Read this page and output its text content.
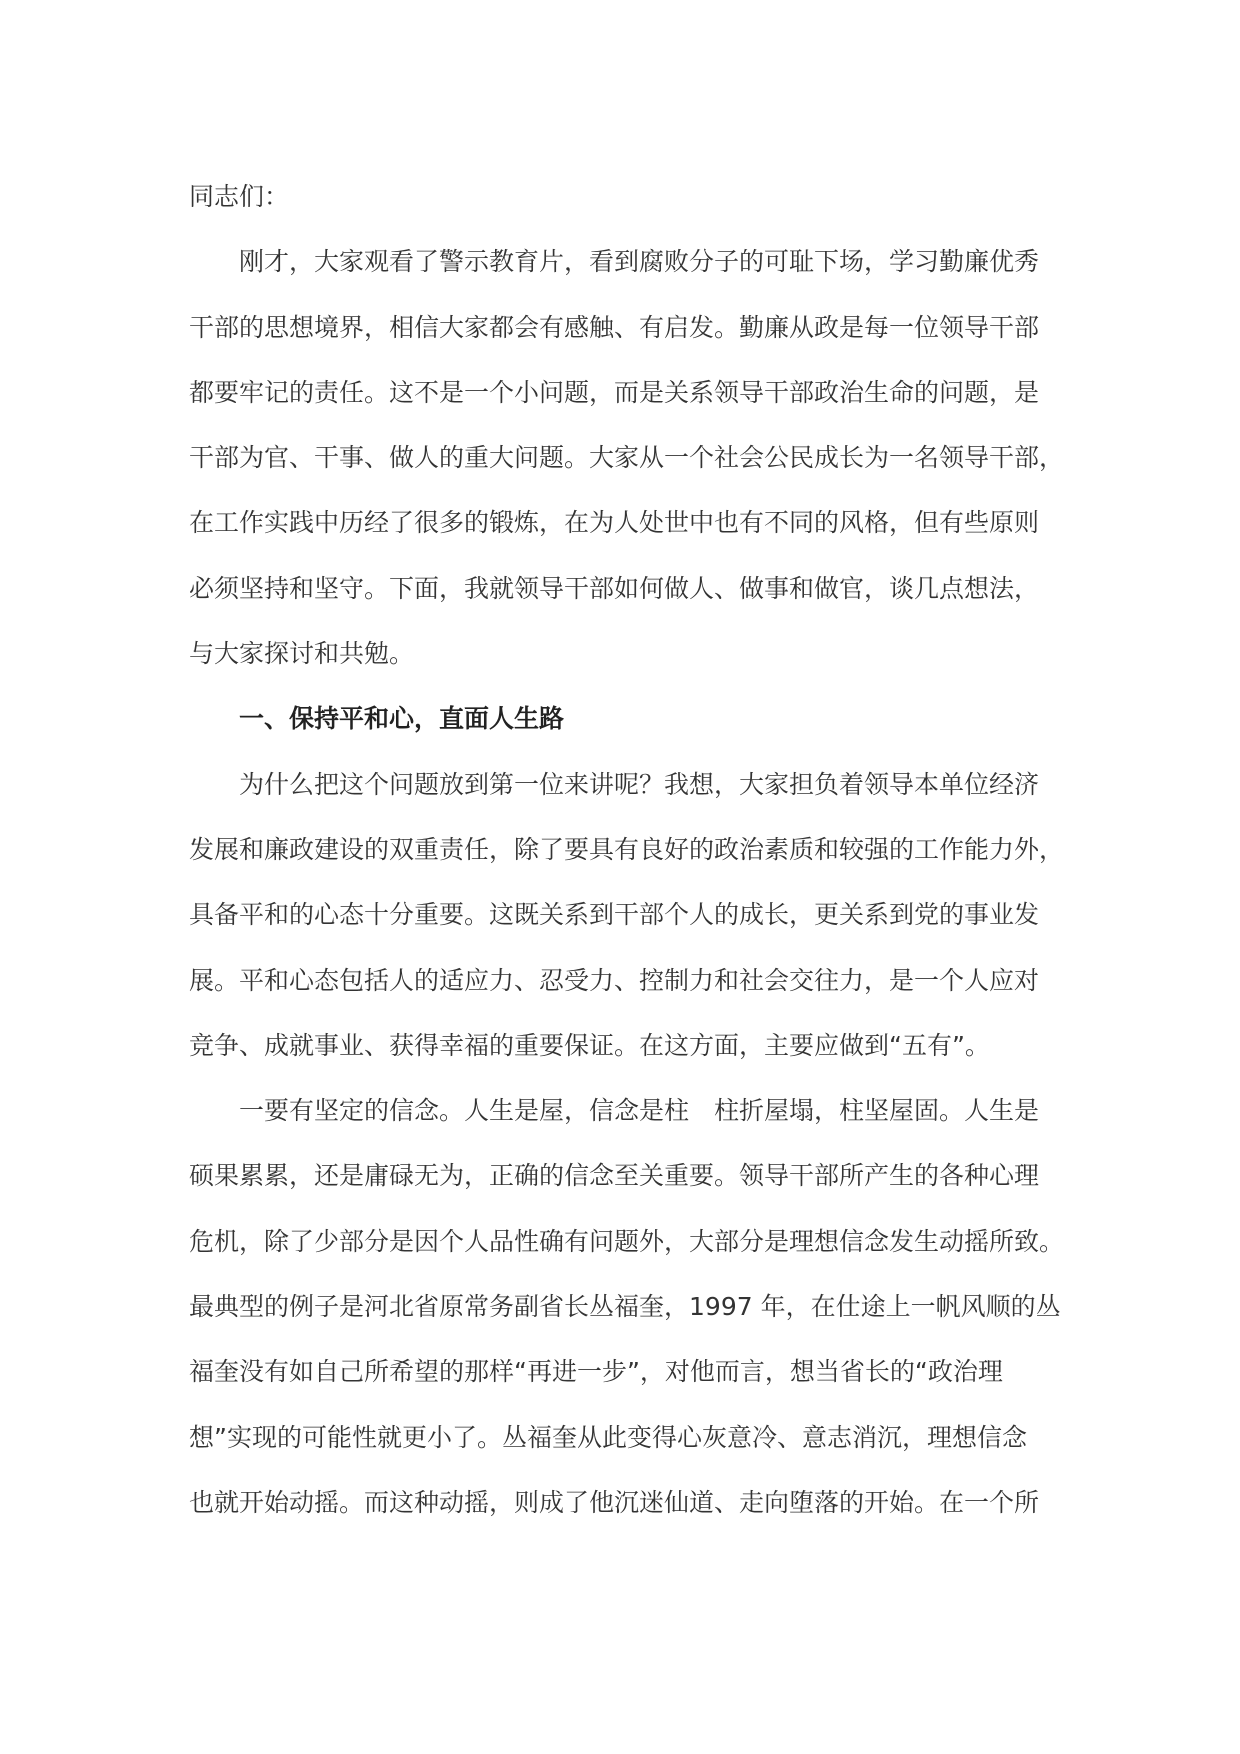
同志们：
刚才，大家观看了警示教育片，看到腐败分子的可耻下场，学习勤廉优秀
干部的思想境界，相信大家都会有感触、有启发。勤廉从政是每一位领导干部
都要牢记的责任。这不是一个小问题，而是关系领导干部政治生命的问题，是
干部为官、干事、做人的重大问题。大家从一个社会公民成长为一名领导干部，
在工作实践中历经了很多的锻炼，在为人处世中也有不同的风格，但有些原则
必须坚持和坚守。下面，我就领导干部如何做人、做事和做官，谈几点想法，
与大家探讨和共勉。
一、保持平和心，直面人生路
为什么把这个问题放到第一位来讲呢？我想，大家担负着领导本单位经济
发展和廉政建设的双重责任，除了要具有良好的政治素质和较强的工作能力外，
具备平和的心态十分重要。这既关系到干部个人的成长，更关系到党的事业发
展。平和心态包括人的适应力、忍受力、控制力和社会交往力，是一个人应对
竞争、成就事业、获得幸福的重要保证。在这方面，主要应做到“五有”。
一要有坚定的信念。人生是屋，信念是柱　柱折屋塌，柱坚屋固。人生是
硕果累累，还是庸碌无为，正确的信念至关重要。领导干部所产生的各种心理
危机，除了少部分是因个人品性确有问题外，大部分是理想信念发生动摇所致。
最典型的例子是河北省原常务副省长丛福奎，1997 年，在仕途上一帆风顺的丛
福奎没有如自己所希望的那样“再进一步”，对他而言，想当省长的“政治理
想”实现的可能性就更小了。丛福奎从此变得心灰意冷、意志消沉，理想信念
也就开始动摇。而这种动摇，则成了他沉迷仙道、走向堕落的开始。在一个所
